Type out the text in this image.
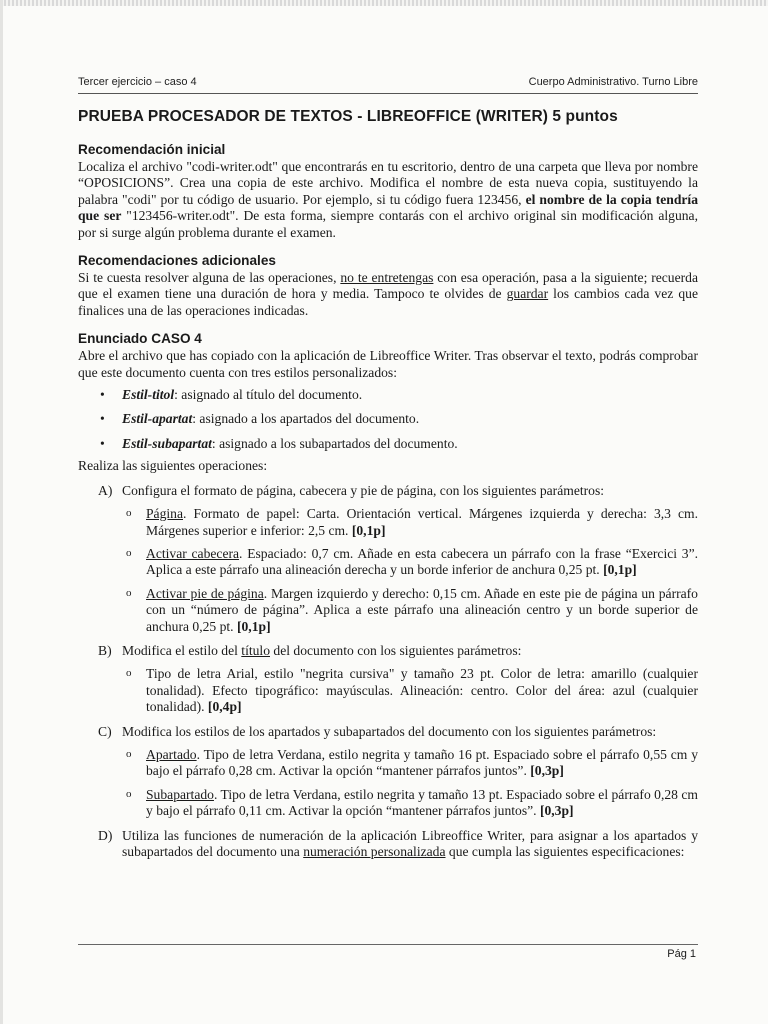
Tercer ejercicio – caso 4	Cuerpo Administrativo. Turno Libre
PRUEBA PROCESADOR DE TEXTOS - LIBREOFFICE (WRITER) 5 puntos
Recomendación inicial

Localiza el archivo "codi-writer.odt" que encontrarás en tu escritorio, dentro de una carpeta que lleva por nombre “OPOSICIONS”. Crea una copia de este archivo. Modifica el nombre de esta nueva copia, sustituyendo la palabra "codi" por tu código de usuario. Por ejemplo, si tu código fuera 123456, el nombre de la copia tendría que ser "123456-writer.odt". De esta forma, siempre contarás con el archivo original sin modificación alguna, por si surge algún problema durante el examen.

Recomendaciones adicionales

Si te cuesta resolver alguna de las operaciones, no te entretengas con esa operación, pasa a la siguiente; recuerda que el examen tiene una duración de hora y media. Tampoco te olvides de guardar los cambios cada vez que finalices una de las operaciones indicadas.

Enunciado CASO 4

Abre el archivo que has copiado con la aplicación de Libreoffice Writer. Tras observar el texto, podrás comprobar que este documento cuenta con tres estilos personalizados:

• Estil-titol: asignado al título del documento.
• Estil-apartat: asignado a los apartados del documento.
• Estil-subapartat: asignado a los subapartados del documento.

Realiza las siguientes operaciones:

A) Configura el formato de página, cabecera y pie de página, con los siguientes parámetros:

o Página. Formato de papel: Carta. Orientación vertical. Márgenes izquierda y derecha: 3,3 cm. Márgenes superior e inferior: 2,5 cm. [0,1p]
o Activar cabecera. Espaciado: 0,7 cm. Añade en esta cabecera un párrafo con la frase “Exercici 3”. Aplica a este párrafo una alineación derecha y un borde inferior de anchura 0,25 pt. [0,1p]
o Activar pie de página. Margen izquierdo y derecho: 0,15 cm. Añade en este pie de página un párrafo con un “número de página”. Aplica a este párrafo una alineación centro y un borde superior de anchura 0,25 pt. [0,1p]
B) Modifica el estilo del título del documento con los siguientes parámetros:

o Tipo de letra Arial, estilo "negrita cursiva" y tamaño 23 pt. Color de letra: amarillo (cualquier tonalidad). Efecto tipográfico: mayúsculas. Alineación: centro. Color del área: azul (cualquier tonalidad). [0,4p]
C) Modifica los estilos de los apartados y subapartados del documento con los siguientes parámetros:

o Apartado. Tipo de letra Verdana, estilo negrita y tamaño 16 pt. Espaciado sobre el párrafo 0,55 cm y bajo el párrafo 0,28 cm. Activar la opción “mantener párrafos juntos”. [0,3p]
o Subapartado. Tipo de letra Verdana, estilo negrita y tamaño 13 pt. Espaciado sobre el párrafo 0,28 cm y bajo el párrafo 0,11 cm. Activar la opción “mantener párrafos juntos”. [0,3p]
D) Utiliza las funciones de numeración de la aplicación Libreoffice Writer, para asignar a los apartados y subapartados del documento una numeración personalizada que cumpla las siguientes especificaciones:

Pág 1
